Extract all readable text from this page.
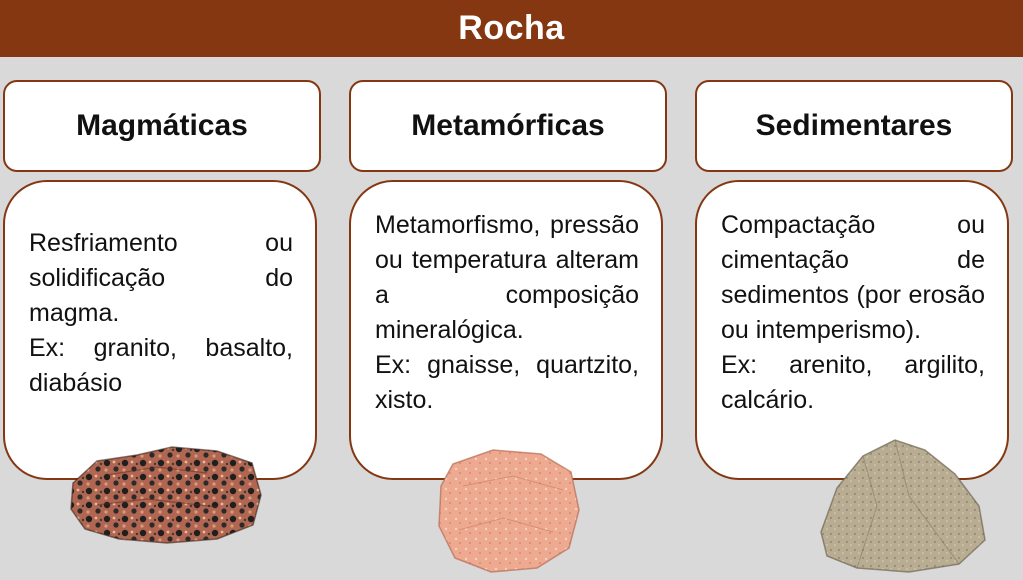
Rocha
Magmáticas

Resfriamento ou solidificação do magma.
Ex: granito, basalto, diabásio

Metamórficas

Metamorfismo, pressão ou temperatura alteram a composição mineralógica.
Ex: gnaisse, quartzito, xisto.

Sedimentares

Compactação ou cimentação de sedimentos (por erosão ou intemperismo).
Ex: arenito, argilito, calcário.
